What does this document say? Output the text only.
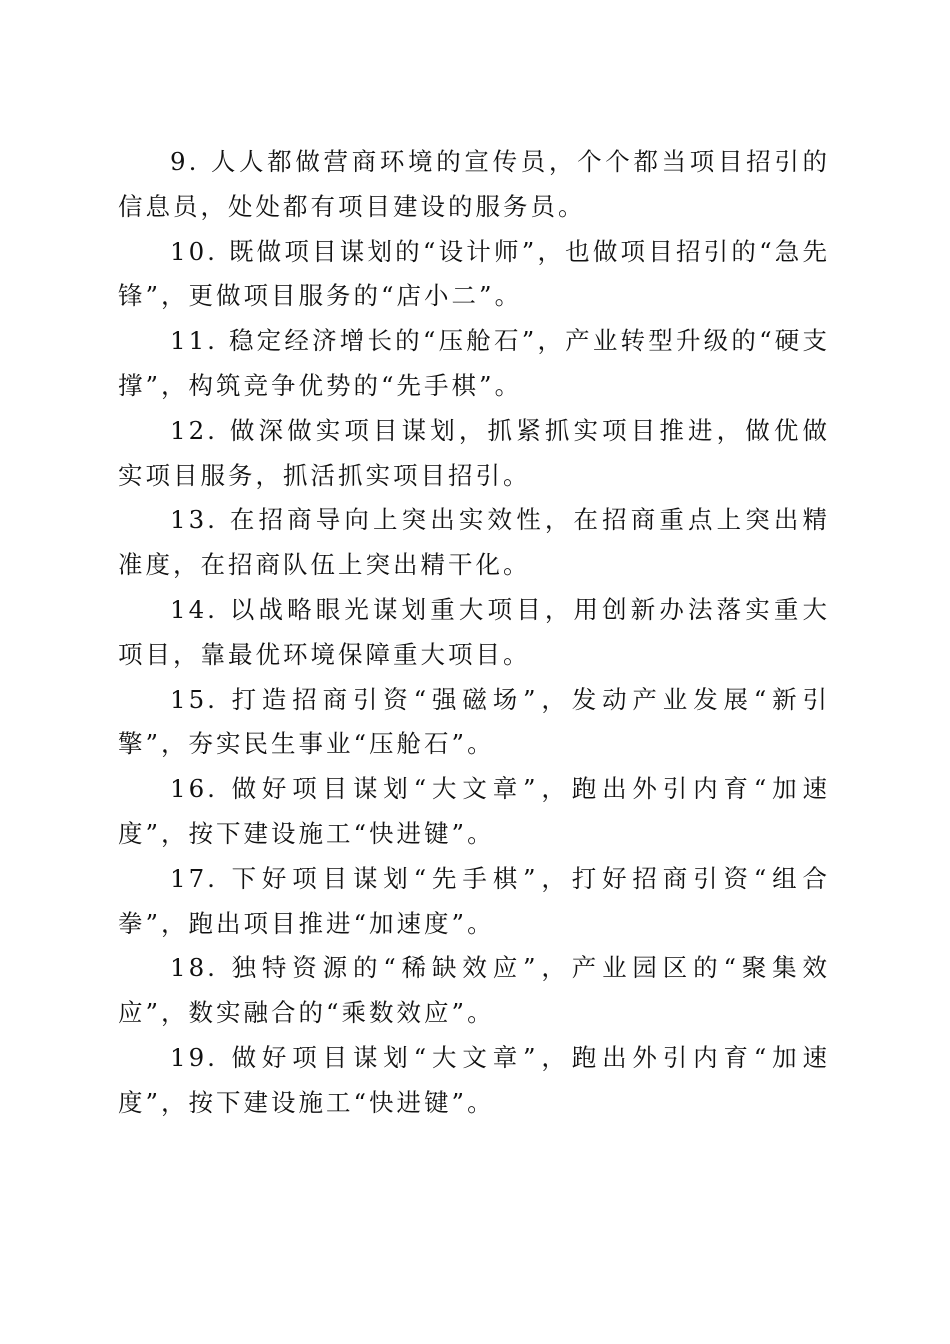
9. 人人都做营商环境的宣传员，个个都当项目招引的信息员，处处都有项目建设的服务员。

10. 既做项目谋划的“设计师”，也做项目招引的“急先锋”，更做项目服务的“店小二”。

11. 稳定经济增长的“压舱石”，产业转型升级的“硬支撑”，构筑竞争优势的“先手棋”。

12. 做深做实项目谋划，抓紧抓实项目推进，做优做实项目服务，抓活抓实项目招引。

13. 在招商导向上突出实效性，在招商重点上突出精准度，在招商队伍上突出精干化。

14. 以战略眼光谋划重大项目，用创新办法落实重大项目，靠最优环境保障重大项目。

15. 打造招商引资“强磁场”，发动产业发展“新引擎”，夯实民生事业“压舱石”。

16. 做好项目谋划“大文章”，跑出外引内育“加速度”，按下建设施工“快进键”。

17. 下好项目谋划“先手棋”，打好招商引资“组合拳”，跑出项目推进“加速度”。

18. 独特资源的“稀缺效应”，产业园区的“聚集效应”，数实融合的“乘数效应”。

19. 做好项目谋划“大文章”，跑出外引内育“加速度”，按下建设施工“快进键”。
